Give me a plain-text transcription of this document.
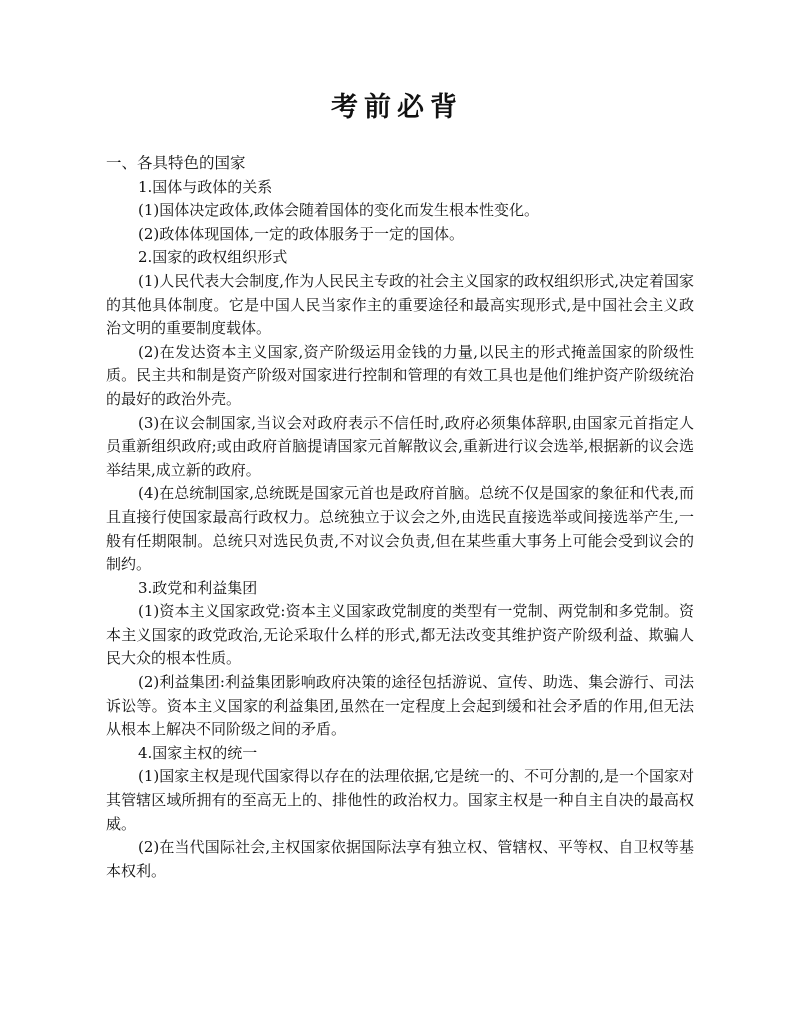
考前必背
一、各具特色的国家
1.国体与政体的关系
(1)国体决定政体,政体会随着国体的变化而发生根本性变化。
(2)政体体现国体,一定的政体服务于一定的国体。
2.国家的政权组织形式
(1)人民代表大会制度,作为人民民主专政的社会主义国家的政权组织形式,决定着国家的其他具体制度。它是中国人民当家作主的重要途径和最高实现形式,是中国社会主义政治文明的重要制度载体。
(2)在发达资本主义国家,资产阶级运用金钱的力量,以民主的形式掩盖国家的阶级性质。民主共和制是资产阶级对国家进行控制和管理的有效工具也是他们维护资产阶级统治的最好的政治外壳。
(3)在议会制国家,当议会对政府表示不信任时,政府必须集体辞职,由国家元首指定人员重新组织政府;或由政府首脑提请国家元首解散议会,重新进行议会选举,根据新的议会选举结果,成立新的政府。
(4)在总统制国家,总统既是国家元首也是政府首脑。总统不仅是国家的象征和代表,而且直接行使国家最高行政权力。总统独立于议会之外,由选民直接选举或间接选举产生,一般有任期限制。总统只对选民负责,不对议会负责,但在某些重大事务上可能会受到议会的制约。
3.政党和利益集团
(1)资本主义国家政党:资本主义国家政党制度的类型有一党制、两党制和多党制。资本主义国家的政党政治,无论采取什么样的形式,都无法改变其维护资产阶级利益、欺骗人民大众的根本性质。
(2)利益集团:利益集团影响政府决策的途径包括游说、宣传、助选、集会游行、司法诉讼等。资本主义国家的利益集团,虽然在一定程度上会起到缓和社会矛盾的作用,但无法从根本上解决不同阶级之间的矛盾。
4.国家主权的统一
(1)国家主权是现代国家得以存在的法理依据,它是统一的、不可分割的,是一个国家对其管辖区域所拥有的至高无上的、排他性的政治权力。国家主权是一种自主自决的最高权威。
(2)在当代国际社会,主权国家依据国际法享有独立权、管辖权、平等权、自卫权等基本权利。
